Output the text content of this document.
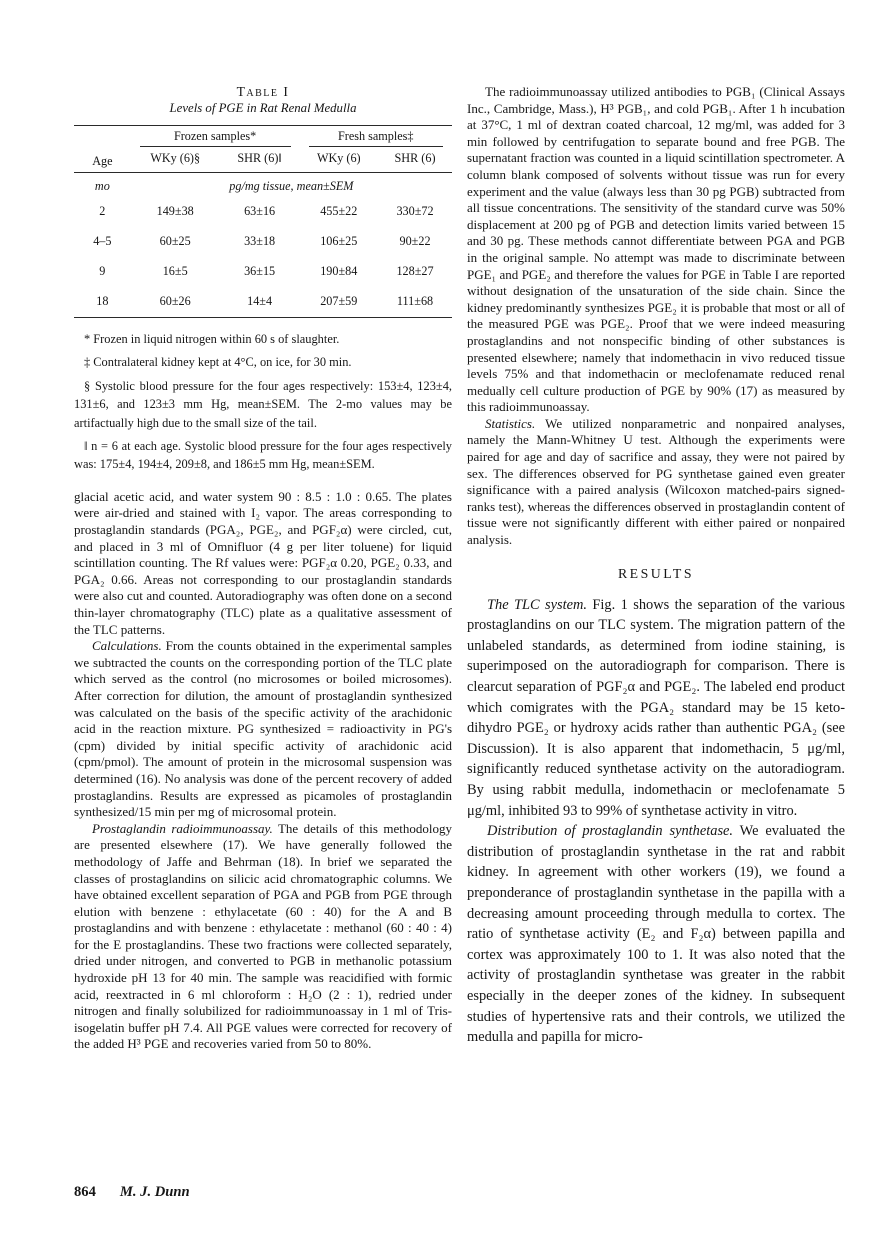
Table I
Levels of PGE in Rat Renal Medulla
Age	Frozen samples*		Fresh samples‡	
	WKy (6)§	SHR (6)‖	WKy (6)	SHR (6)
mo	pg/mg tissue, mean±SEM			
2	149±38	63±16	455±22	330±72
4–5	60±25	33±18	106±25	90±22
9	16±5	36±15	190±84	128±27
18	60±26	14±4	207±59	111±68

* Frozen in liquid nitrogen within 60 s of slaughter.

‡ Contralateral kidney kept at 4°C, on ice, for 30 min.

§ Systolic blood pressure for the four ages respectively: 153±4, 123±4, 131±6, and 123±3 mm Hg, mean±SEM. The 2-mo values may be artifactually high due to the small size of the tail.

‖ n = 6 at each age. Systolic blood pressure for the four ages respectively was: 175±4, 194±4, 209±8, and 186±5 mm Hg, mean±SEM.

glacial acetic acid, and water system 90 : 8.5 : 1.0 : 0.65. The plates were air-dried and stained with I₂ vapor. The areas corresponding to prostaglandin standards (PGA₂, PGE₂, and PGF₂α) were circled, cut, and placed in 3 ml of Omnifluor (4 g per liter toluene) for liquid scintillation counting. The Rf values were: PGF₂α 0.20, PGE₂ 0.33, and PGA₂ 0.66. Areas not corresponding to our prostaglandin standards were also cut and counted. Autoradiography was often done on a second thin-layer chromatography (TLC) plate as a qualitative assessment of the TLC patterns.

Calculations. From the counts obtained in the experimental samples we subtracted the counts on the corresponding portion of the TLC plate which served as the control (no microsomes or boiled microsomes). After correction for dilution, the amount of prostaglandin synthesized was calculated on the basis of the specific activity of the arachidonic acid in the reaction mixture. PG synthesized = radioactivity in PG's (cpm) divided by initial specific activity of arachidonic acid (cpm/pmol). The amount of protein in the microsomal suspension was determined (16). No analysis was done of the percent recovery of added prostaglandins. Results are expressed as picamoles of prostaglandin synthesized/15 min per mg of microsomal protein.

Prostaglandin radioimmunoassay. The details of this methodology are presented elsewhere (17). We have generally followed the methodology of Jaffe and Behrman (18). In brief we separated the classes of prostaglandins on silicic acid chromatographic columns. We have obtained excellent separation of PGA and PGB from PGE through elution with benzene : ethylacetate (60 : 40) for the A and B prostaglandins and with benzene : ethylacetate : methanol (60 : 40 : 4) for the E prostaglandins. These two fractions were collected separately, dried under nitrogen, and converted to PGB in methanolic potassium hydroxide pH 13 for 40 min. The sample was reacidified with formic acid, reextracted in 6 ml chloroform : H₂O (2 : 1), redried under nitrogen and finally solubilized for radioimmunoassay in 1 ml of Tris-isogelatin buffer pH 7.4. All PGE values were corrected for recovery of the added H³ PGE and recoveries varied from 50 to 80%.

The radioimmunoassay utilized antibodies to PGB₁ (Clinical Assays Inc., Cambridge, Mass.), H³ PGB₁, and cold PGB₁. After 1 h incubation at 37°C, 1 ml of dextran coated charcoal, 12 mg/ml, was added for 3 min followed by centrifugation to separate bound and free PGB. The supernatant fraction was counted in a liquid scintillation spectrometer. A column blank composed of solvents without tissue was run for every experiment and the value (always less than 30 pg PGB) subtracted from all tissue concentrations. The sensitivity of the standard curve was 50% displacement at 200 pg of PGB and detection limits varied between 15 and 30 pg. These methods cannot differentiate between PGA and PGB in the original sample. No attempt was made to discriminate between PGE₁ and PGE₂ and therefore the values for PGE in Table I are reported without designation of the unsaturation of the side chain. Since the kidney predominantly synthesizes PGE₂ it is probable that most or all of the measured PGE was PGE₂. Proof that we were indeed measuring prostaglandins and not nonspecific binding of other substances is presented elsewhere; namely that indomethacin in vivo reduced tissue levels 75% and that indomethacin or meclofenamate reduced renal medually cell culture production of PGE by 90% (17) as measured by this radioimmunoassay.

Statistics. We utilized nonparametric and nonpaired analyses, namely the Mann-Whitney U test. Although the experiments were paired for age and day of sacrifice and assay, they were not paired by sex. The differences observed for PG synthetase gained even greater significance with a paired analysis (Wilcoxon matched-pairs signed-ranks test), whereas the differences observed in prostaglandin content of tissue were not significantly different with either paired or nonpaired analysis.

RESULTS

The TLC system. Fig. 1 shows the separation of the various prostaglandins on our TLC system. The migration pattern of the unlabeled standards, as determined from iodine staining, is superimposed on the autoradiograph for comparison. There is clearcut separation of PGF₂α and PGE₂. The labeled end product which comigrates with the PGA₂ standard may be 15 keto-dihydro PGE₂ or hydroxy acids rather than authentic PGA₂ (see Discussion). It is also apparent that indomethacin, 5 μg/ml, significantly reduced synthetase activity on the autoradiogram. By using rabbit medulla, indomethacin or meclofenamate 5 μg/ml, inhibited 93 to 99% of synthetase activity in vitro.

Distribution of prostaglandin synthetase. We evaluated the distribution of prostaglandin synthetase in the rat and rabbit kidney. In agreement with other workers (19), we found a preponderance of prostaglandin synthetase in the papilla with a decreasing amount proceeding through medulla to cortex. The ratio of synthetase activity (E₂ and F₂α) between papilla and cortex was approximately 100 to 1. It was also noted that the activity of prostaglandin synthetase was greater in the rabbit especially in the deeper zones of the kidney. In subsequent studies of hypertensive rats and their controls, we utilized the medulla and papilla for micro-

864 M. J. Dunn
